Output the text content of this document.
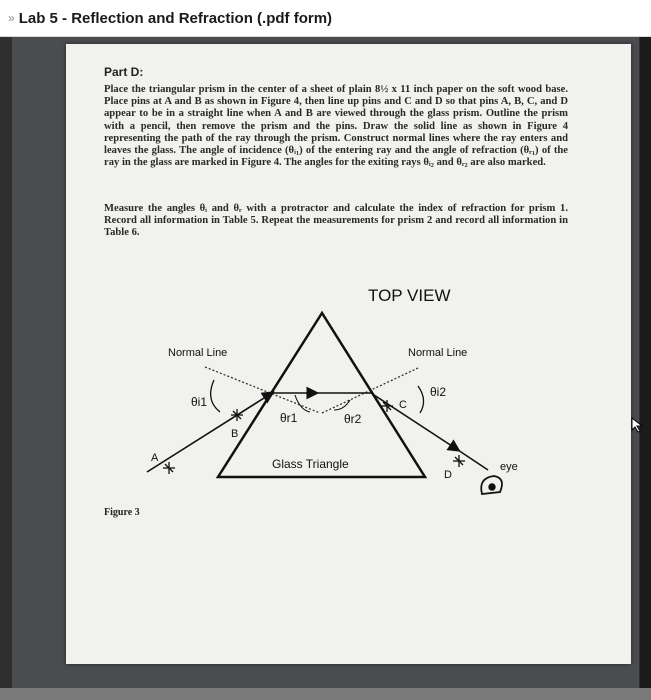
» Lab 5 - Reflection and Refraction (.pdf form)
Part D:
Place the triangular prism in the center of a sheet of plain 8½ x 11 inch paper on the soft wood base. Place pins at A and B as shown in Figure 4, then line up pins and C and D so that pins A, B, C, and D appear to be in a straight line when A and B are viewed through the glass prism. Outline the prism with a pencil, then remove the prism and the pins. Draw the solid line as shown in Figure 4 representing the path of the ray through the prism. Construct normal lines where the ray enters and leaves the glass. The angle of incidence (θᵢ₁) of the entering ray and the angle of refraction (θᵣ₁) of the ray in the glass are marked in Figure 4. The angles for the exiting rays θᵢ₂ and θᵣ₂ are also marked.
Measure the angles θᵢ and θᵣ with a protractor and calculate the index of refraction for prism 1. Record all information in Table 5. Repeat the measurements for prism 2 and record all information in Table 6.
TOP VIEW
Normal Line	Normal Line
θi1
θr1	θr2
θi2
A
B
C
D
Glass Triangle	eye
Figure 3
